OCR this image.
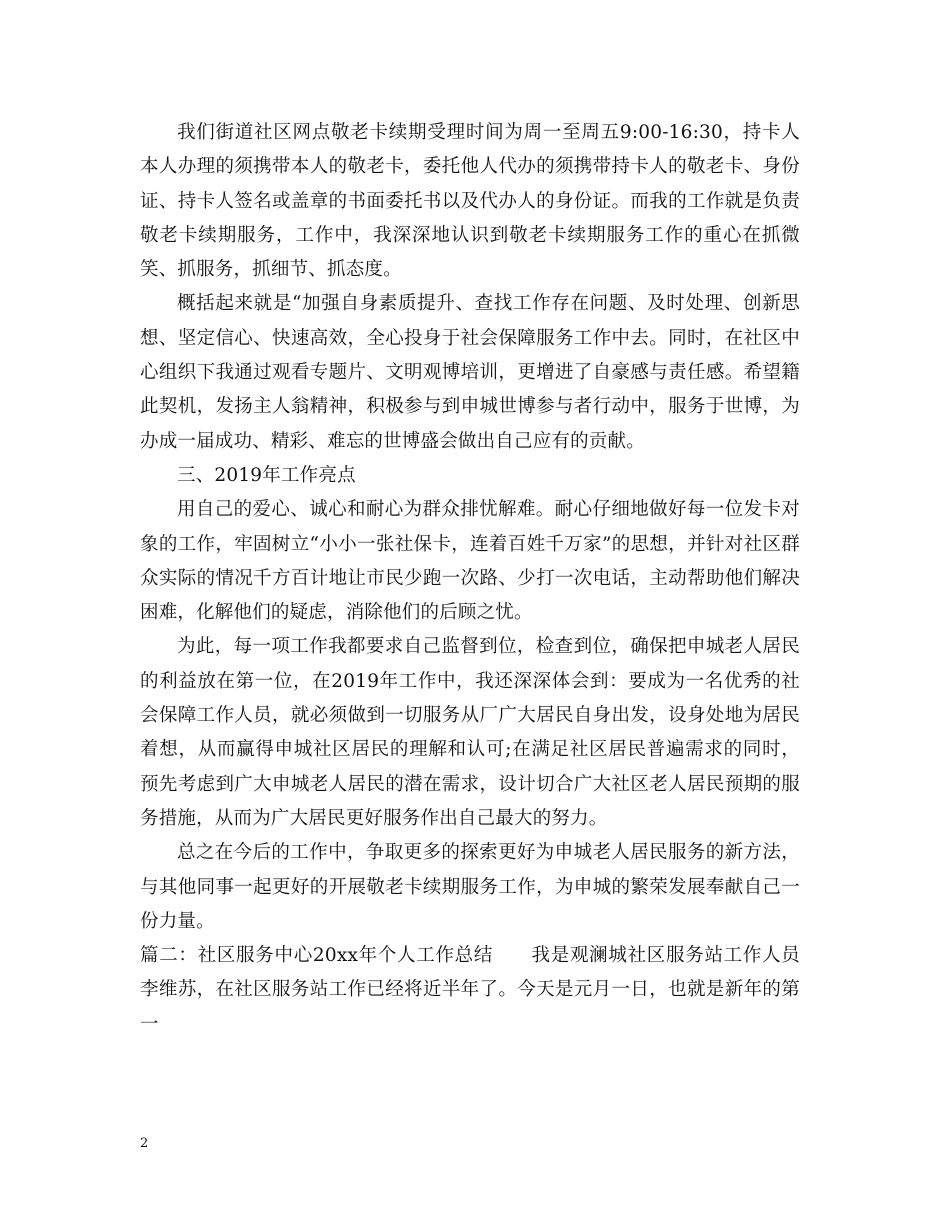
我们街道社区网点敬老卡续期受理时间为周一至周五9:00-16:30，持卡人本人办理的须携带本人的敬老卡，委托他人代办的须携带持卡人的敬老卡、身份证、持卡人签名或盖章的书面委托书以及代办人的身份证。而我的工作就是负责敬老卡续期服务，工作中，我深深地认识到敬老卡续期服务工作的重心在抓微笑、抓服务，抓细节、抓态度。

概括起来就是“加强自身素质提升、查找工作存在问题、及时处理、创新思想、坚定信心、快速高效，全心投身于社会保障服务工作中去。同时，在社区中心组织下我通过观看专题片、文明观博培训，更增进了自豪感与责任感。希望籍此契机，发扬主人翁精神，积极参与到申城世博参与者行动中，服务于世博，为办成一届成功、精彩、难忘的世博盛会做出自己应有的贡献。

三、2019年工作亮点

用自己的爱心、诚心和耐心为群众排忧解难。耐心仔细地做好每一位发卡对象的工作，牢固树立“小小一张社保卡，连着百姓千万家”的思想，并针对社区群众实际的情况千方百计地让市民少跑一次路、少打一次电话，主动帮助他们解决困难，化解他们的疑虑，消除他们的后顾之忧。

为此，每一项工作我都要求自己监督到位，检查到位，确保把申城老人居民的利益放在第一位，在2019年工作中，我还深深体会到：要成为一名优秀的社会保障工作人员，就必须做到一切服务从厂广大居民自身出发，设身处地为居民着想，从而赢得申城社区居民的理解和认可;在满足社区居民普遍需求的同时，预先考虑到广大申城老人居民的潜在需求，设计切合广大社区老人居民预期的服务措施，从而为广大居民更好服务作出自己最大的努力。

总之在今后的工作中，争取更多的探索更好为申城老人居民服务的新方法，与其他同事一起更好的开展敬老卡续期服务工作，为申城的繁荣发展奉献自己一份力量。

篇二：社区服务中心20xx年个人工作总结　　我是观澜城社区服务站工作人员李维苏，在社区服务站工作已经将近半年了。今天是元月一日，也就是新年的第一

2
